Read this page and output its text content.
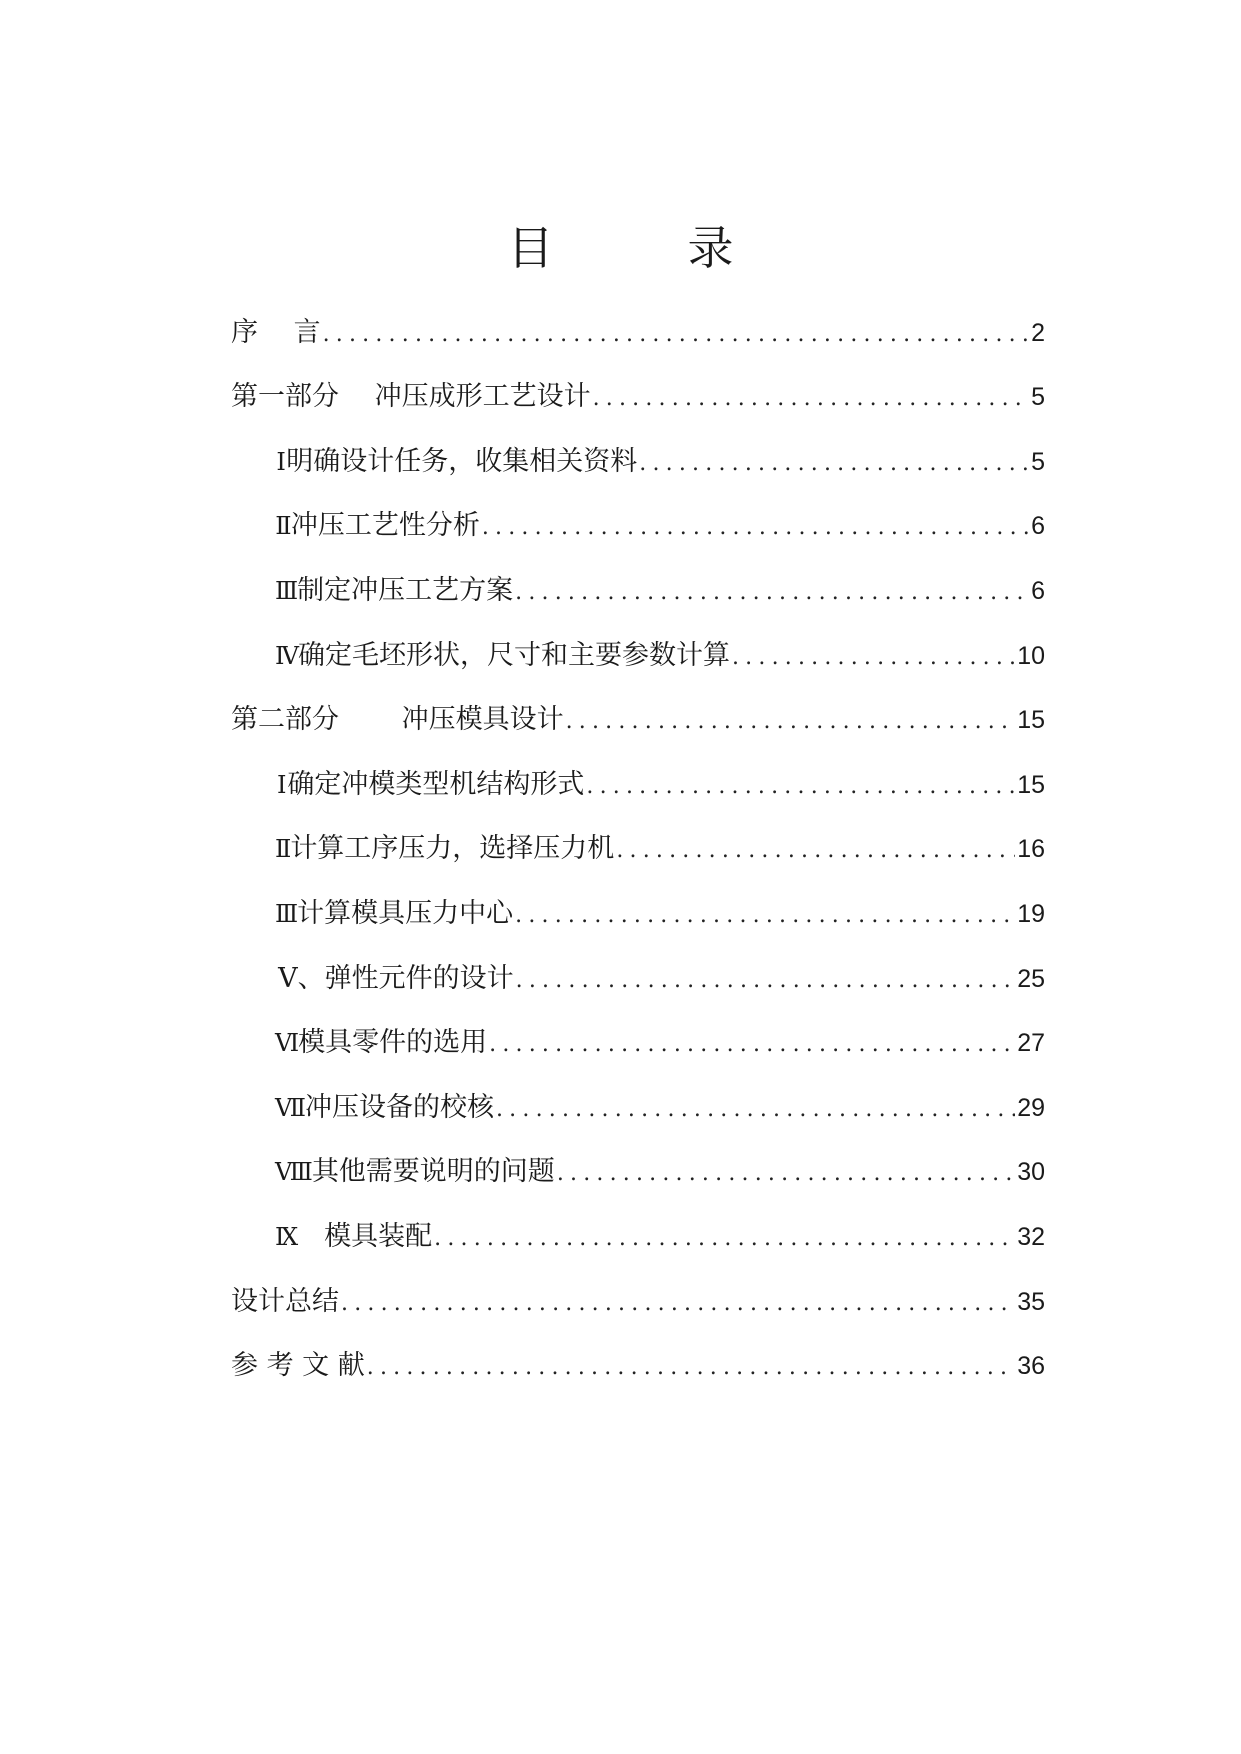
目　录
序　 言 .....	2
第一部分　 冲压成形工艺设计 .....	5
Ⅰ 明确设计任务，收集相关资料 .....	5
Ⅱ 冲压工艺性分析 .....	6
Ⅲ 制定冲压工艺方案 .....	6
Ⅳ 确定毛坯形状，尺寸和主要参数计算 .....	10
第二部分　　 冲压模具设计 .....	15
Ⅰ 确定冲模类型机结构形式 .....	15
Ⅱ 计算工序压力，选择压力机 .....	16
Ⅲ 计算模具压力中心 .....	19
Ⅴ、弹性元件的设计 .....	25
Ⅵ 模具零件的选用 .....	27
Ⅶ 冲压设备的校核 .....	29
Ⅷ 其他需要说明的问题 .....	30
Ⅸ 　模具装配 .....	32
设计总结 .....	35
参 考 文 献 .....	36
